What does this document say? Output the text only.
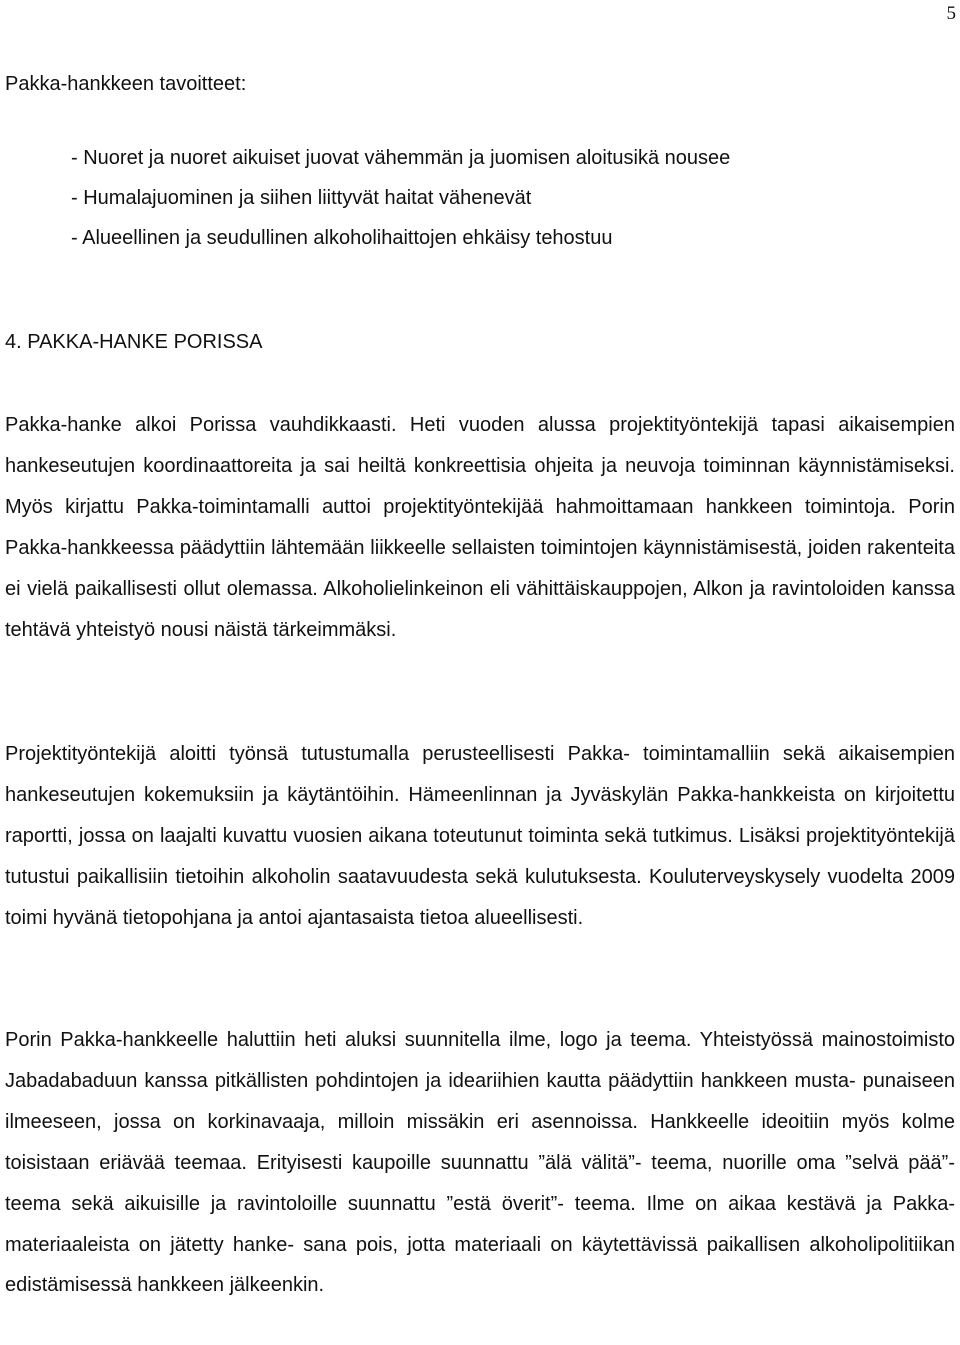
5
Pakka-hankkeen tavoitteet:
- Nuoret ja nuoret aikuiset juovat vähemmän ja juomisen aloitusikä nousee
- Humalajuominen ja siihen liittyvät haitat vähenevät
- Alueellinen ja seudullinen alkoholihaittojen ehkäisy tehostuu
4. PAKKA-HANKE PORISSA

Pakka-hanke alkoi Porissa vauhdikkaasti. Heti vuoden alussa projektityöntekijä tapasi aikaisempien hankeseutujen koordinaattoreita ja sai heiltä konkreettisia ohjeita ja neuvoja toiminnan käynnistämiseksi. Myös kirjattu Pakka-toimintamalli auttoi projektityöntekijää hahmoittamaan hankkeen toimintoja. Porin Pakka-hankkeessa päädyttiin lähtemään liikkeelle sellaisten toimintojen käynnistämisestä, joiden rakenteita ei vielä paikallisesti ollut olemassa. Alkoholielinkeinon eli vähittäiskauppojen, Alkon ja ravintoloiden kanssa tehtävä yhteistyö nousi näistä tärkeimmäksi.

Projektityöntekijä aloitti työnsä tutustumalla perusteellisesti Pakka- toimintamalliin sekä aikaisempien hankeseutujen kokemuksiin ja käytäntöihin. Hämeenlinnan ja Jyväskylän Pakka-hankkeista on kirjoitettu raportti, jossa on laajalti kuvattu vuosien aikana toteutunut toiminta sekä tutkimus. Lisäksi projektityöntekijä tutustui paikallisiin tietoihin alkoholin saatavuudesta sekä kulutuksesta. Kouluterveyskysely vuodelta 2009 toimi hyvänä tietopohjana ja antoi ajantasaista tietoa alueellisesti.

Porin Pakka-hankkeelle haluttiin heti aluksi suunnitella ilme, logo ja teema. Yhteistyössä mainostoimisto Jabadabaduun kanssa pitkällisten pohdintojen ja ideariihien kautta päädyttiin hankkeen musta- punaiseen ilmeeseen, jossa on korkinavaaja, milloin missäkin eri asennoissa. Hankkeelle ideoitiin myös kolme toisistaan eriävää teemaa. Erityisesti kaupoille suunnattu ”älä välitä”- teema, nuorille oma ”selvä pää”- teema sekä aikuisille ja ravintoloille suunnattu ”estä överit”- teema. Ilme on aikaa kestävä ja Pakka- materiaaleista on jätetty hanke- sana pois, jotta materiaali on käytettävissä paikallisen alkoholipolitiikan edistämisessä hankkeen jälkeenkin.
